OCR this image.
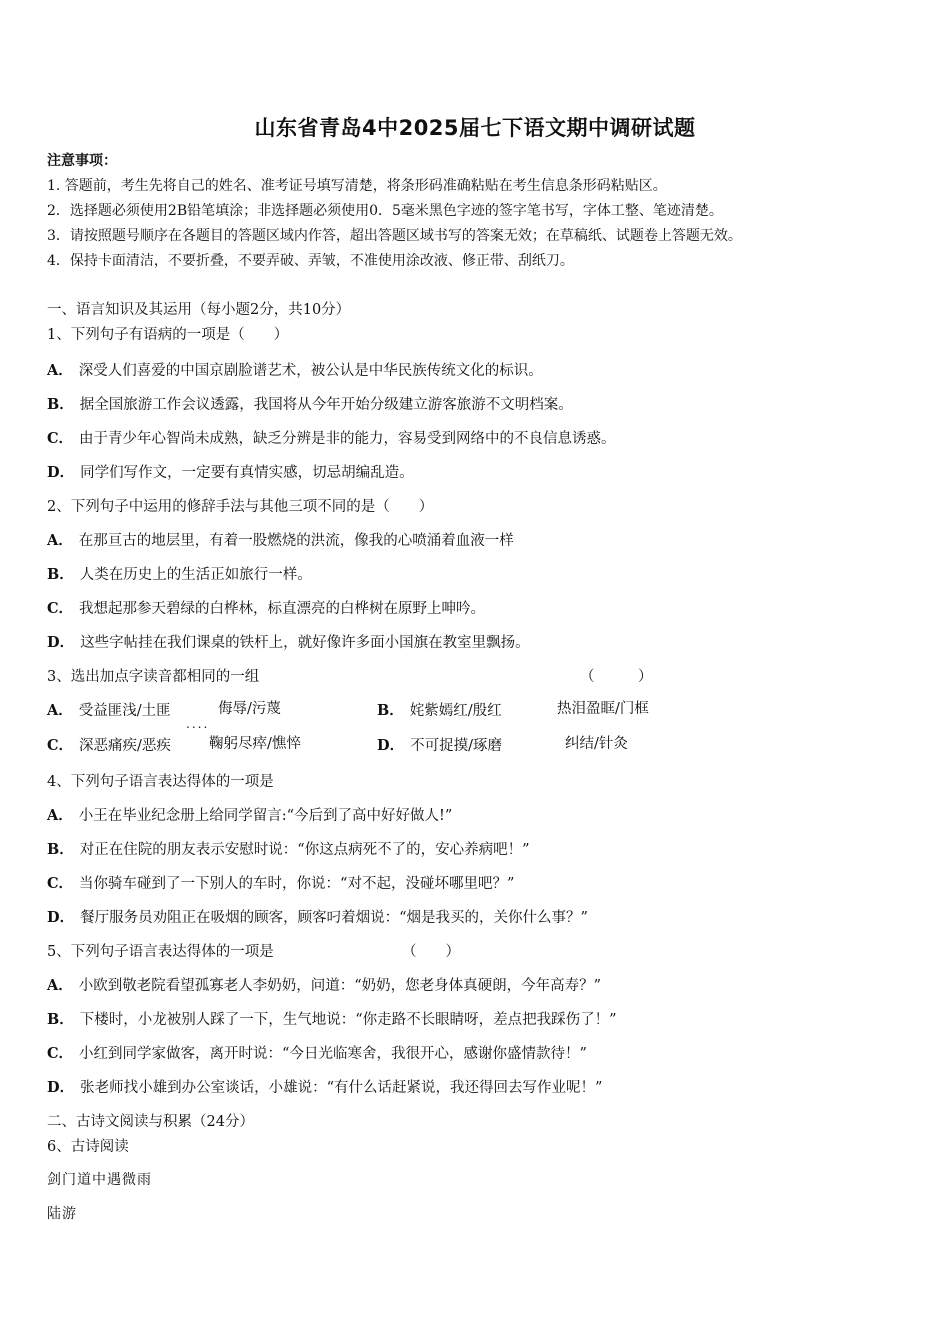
山东省青岛4中2025届七下语文期中调研试题
注意事项：
1. 答题前，考生先将自己的姓名、准考证号填写清楚，将条形码准确粘贴在考生信息条形码粘贴区。
2．选择题必须使用2B铅笔填涂；非选择题必须使用0．5毫米黑色字迹的签字笔书写，字体工整、笔迹清楚。
3．请按照题号顺序在各题目的答题区域内作答，超出答题区域书写的答案无效；在草稿纸、试题卷上答题无效。
4．保持卡面清洁，不要折叠，不要弄破、弄皱，不准使用涂改液、修正带、刮纸刀。
一、语言知识及其运用（每小题2分，共10分）
1、下列句子有语病的一项是（　　）
A． 深受人们喜爱的中国京剧脸谱艺术，被公认是中华民族传统文化的标识。
B． 据全国旅游工作会议透露，我国将从今年开始分级建立游客旅游不文明档案。
C． 由于青少年心智尚未成熟，缺乏分辨是非的能力，容易受到网络中的不良信息诱惑。
D． 同学们写作文，一定要有真情实感，切忌胡编乱造。
2、下列句子中运用的修辞手法与其他三项不同的是（　　）
A． 在那亘古的地层里，有着一股燃烧的洪流，像我的心喷涌着血液一样
B． 人类在历史上的生活正如旅行一样。
C． 我想起那参天碧绿的白桦林，标直漂亮的白桦树在原野上呻吟。
D． 这些字帖挂在我们课桌的铁杆上，就好像许多面小国旗在教室里飘扬。
3、选出加点字读音都相同的一组	（　　　）
A． 受益匪浅/土匪
....	侮辱/污蔑	B． 姹紫嫣红/殷红	热泪盈眶/门框
C． 深恶痛疾/恶疾	鞠躬尽瘁/憔悴	D． 不可捉摸/琢磨	纠结/针灸
4、下列句子语言表达得体的一项是
A． 小王在毕业纪念册上给同学留言:“今后到了高中好好做人!”
B． 对正在住院的朋友表示安慰时说：“你这点病死不了的，安心养病吧！”
C． 当你骑车碰到了一下别人的车时，你说：“对不起，没碰坏哪里吧？”
D． 餐厅服务员劝阻正在吸烟的顾客，顾客叼着烟说：“烟是我买的，关你什么事？”
5、下列句子语言表达得体的一项是	（　　）
A． 小欧到敬老院看望孤寡老人李奶奶，问道：“奶奶，您老身体真硬朗，今年高寿？”
B． 下楼时，小龙被别人踩了一下，生气地说：“你走路不长眼睛呀，差点把我踩伤了！”
C． 小红到同学家做客，离开时说：“今日光临寒舍，我很开心，感谢你盛情款待！”
D． 张老师找小雄到办公室谈话，小雄说：“有什么话赶紧说，我还得回去写作业呢！”
二、古诗文阅读与积累（24分）
6、古诗阅读
剑门道中遇微雨
陆游
